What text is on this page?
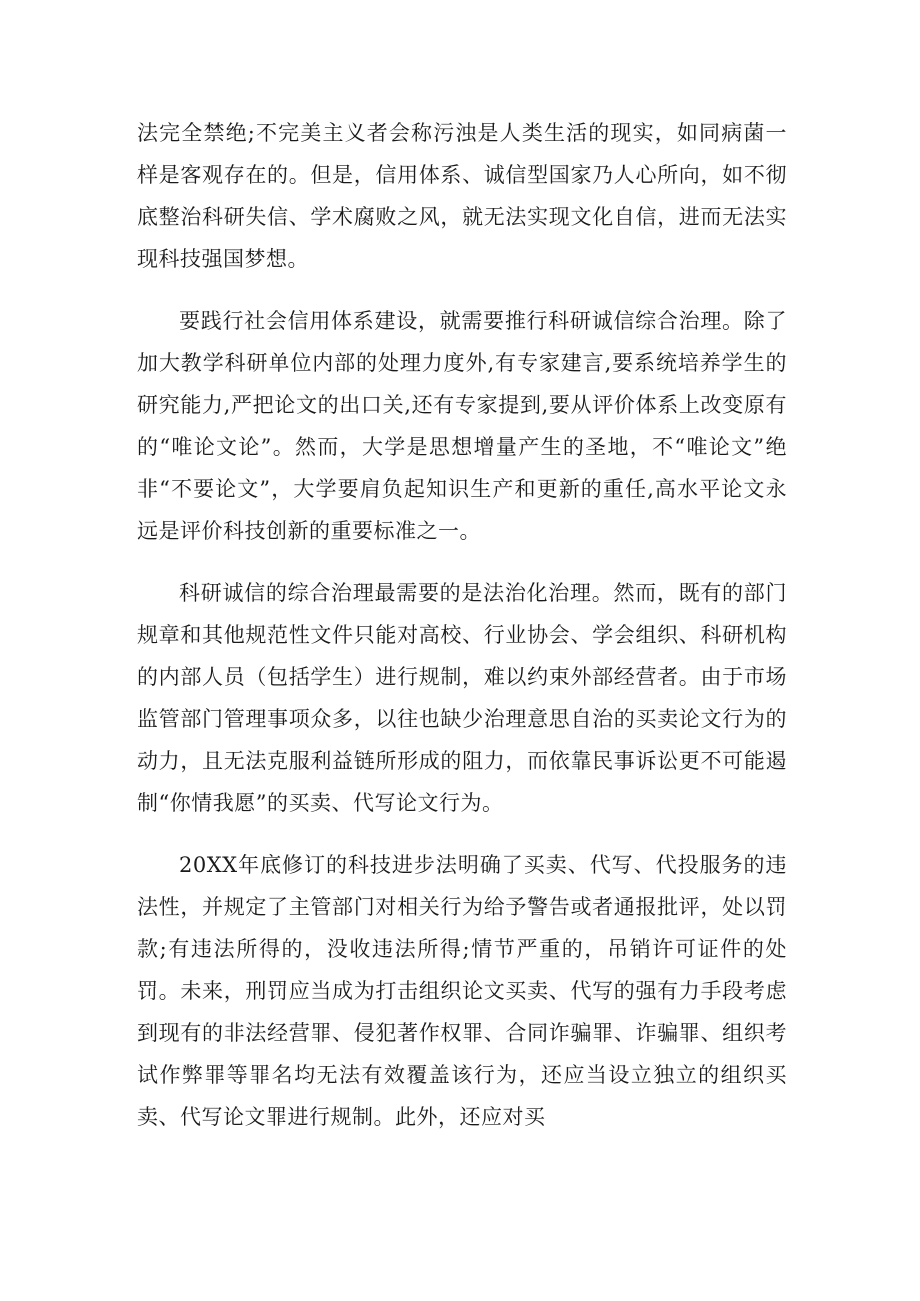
法完全禁绝;不完美主义者会称污浊是人类生活的现实，如同病菌一样是客观存在的。但是，信用体系、诚信型国家乃人心所向，如不彻底整治科研失信、学术腐败之风，就无法实现文化自信，进而无法实现科技强国梦想。

要践行社会信用体系建设，就需要推行科研诚信综合治理。除了加大教学科研单位内部的处理力度外,有专家建言,要系统培养学生的研究能力,严把论文的出口关,还有专家提到,要从评价体系上改变原有的“唯论文论”。然而，大学是思想增量产生的圣地，不“唯论文”绝非“不要论文”，大学要肩负起知识生产和更新的重任,高水平论文永远是评价科技创新的重要标准之一。

科研诚信的综合治理最需要的是法治化治理。然而，既有的部门规章和其他规范性文件只能对高校、行业协会、学会组织、科研机构的内部人员（包括学生）进行规制，难以约束外部经营者。由于市场监管部门管理事项众多，以往也缺少治理意思自治的买卖论文行为的动力，且无法克服利益链所形成的阻力，而依靠民事诉讼更不可能遏制“你情我愿”的买卖、代写论文行为。

20XX年底修订的科技进步法明确了买卖、代写、代投服务的违法性，并规定了主管部门对相关行为给予警告或者通报批评，处以罚款;有违法所得的，没收违法所得;情节严重的，吊销许可证件的处罚。未来，刑罚应当成为打击组织论文买卖、代写的强有力手段考虑到现有的非法经营罪、侵犯著作权罪、合同诈骗罪、诈骗罪、组织考试作弊罪等罪名均无法有效覆盖该行为，还应当设立独立的组织买卖、代写论文罪进行规制。此外，还应对买
